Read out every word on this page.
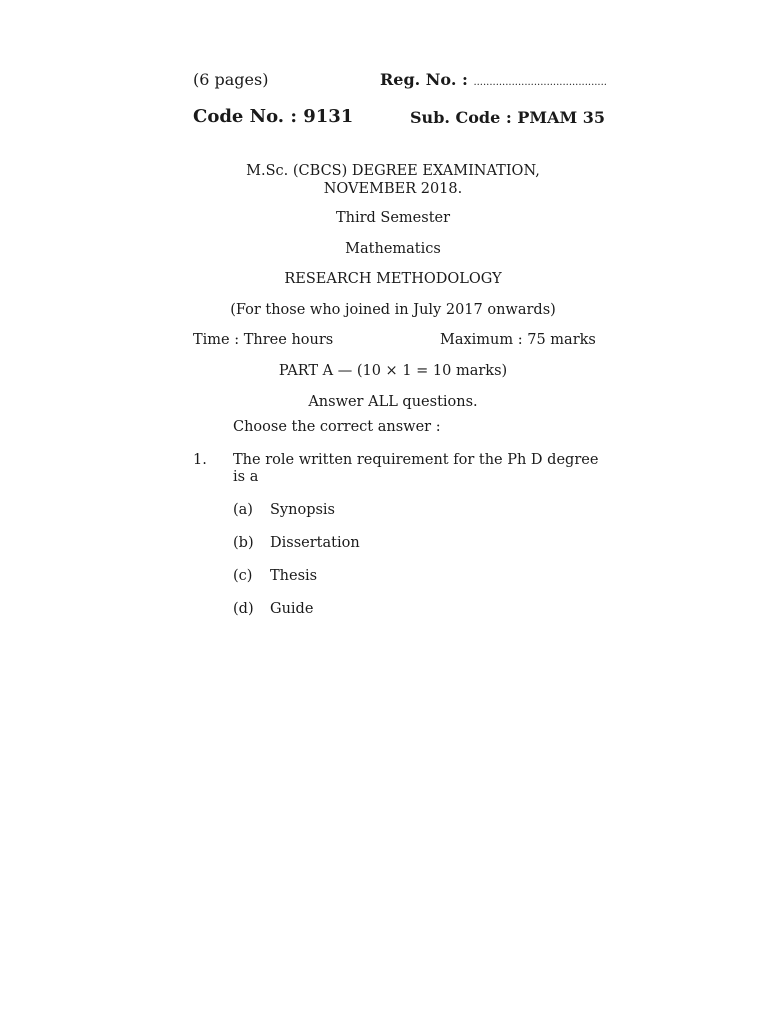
(6 pages)	Reg. No. : ..........................................
Code No. : 9131	Sub. Code : PMAM 35
M.Sc. (CBCS) DEGREE EXAMINATION,
NOVEMBER 2018.
Third Semester
Mathematics
RESEARCH METHODOLOGY
(For those who joined in July 2017 onwards)
Time : Three hours	Maximum : 75 marks
PART A — (10 × 1 = 10 marks)
Answer ALL questions.
Choose the correct answer :
1. The role written requirement for the Ph D degree
is a
(a) Synopsis
(b) Dissertation
(c) Thesis
(d) Guide
